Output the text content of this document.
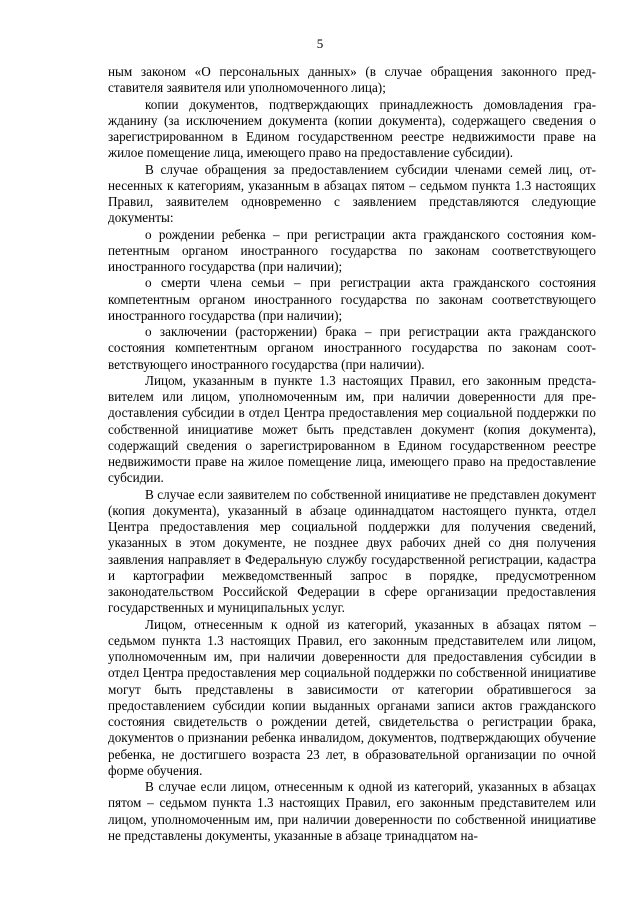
5

ным законом «О персональных данных» (в случае обращения законного представителя заявителя или уполномоченного лица);

копии документов, подтверждающих принадлежность домовладения гражданину (за исключением документа (копии документа), содержащего сведения о зарегистрированном в Едином государственном реестре недвижимости праве на жилое помещение лица, имеющего право на предоставление субсидии).

В случае обращения за предоставлением субсидии членами семей лиц, отнесенных к категориям, указанным в абзацах пятом – седьмом пункта 1.3 настоящих Правил, заявителем одновременно с заявлением представляются следующие документы:

о рождении ребенка – при регистрации акта гражданского состояния компетентным органом иностранного государства по законам соответствующего иностранного государства (при наличии);

о смерти члена семьи – при регистрации акта гражданского состояния компетентным органом иностранного государства по законам соответствующего иностранного государства (при наличии);

о заключении (расторжении) брака – при регистрации акта гражданского состояния компетентным органом иностранного государства по законам соответствующего иностранного государства (при наличии).

Лицом, указанным в пункте 1.3 настоящих Правил, его законным представителем или лицом, уполномоченным им, при наличии доверенности для предоставления субсидии в отдел Центра предоставления мер социальной поддержки по собственной инициативе может быть представлен документ (копия документа), содержащий сведения о зарегистрированном в Едином государственном реестре недвижимости праве на жилое помещение лица, имеющего право на предоставление субсидии.

В случае если заявителем по собственной инициативе не представлен документ (копия документа), указанный в абзаце одиннадцатом настоящего пункта, отдел Центра предоставления мер социальной поддержки для получения сведений, указанных в этом документе, не позднее двух рабочих дней со дня получения заявления направляет в Федеральную службу государственной регистрации, кадастра и картографии межведомственный запрос в порядке, предусмотренном законодательством Российской Федерации в сфере организации предоставления государственных и муниципальных услуг.

Лицом, отнесенным к одной из категорий, указанных в абзацах пятом – седьмом пункта 1.3 настоящих Правил, его законным представителем или лицом, уполномоченным им, при наличии доверенности для предоставления субсидии в отдел Центра предоставления мер социальной поддержки по собственной инициативе могут быть представлены в зависимости от категории обратившегося за предоставлением субсидии копии выданных органами записи актов гражданского состояния свидетельств о рождении детей, свидетельства о регистрации брака, документов о признании ребенка инвалидом, документов, подтверждающих обучение ребенка, не достигшего возраста 23 лет, в образовательной организации по очной форме обучения.

В случае если лицом, отнесенным к одной из категорий, указанных в абзацах пятом – седьмом пункта 1.3 настоящих Правил, его законным представителем или лицом, уполномоченным им, при наличии доверенности по собственной инициативе не представлены документы, указанные в абзаце тринадцатом на-
